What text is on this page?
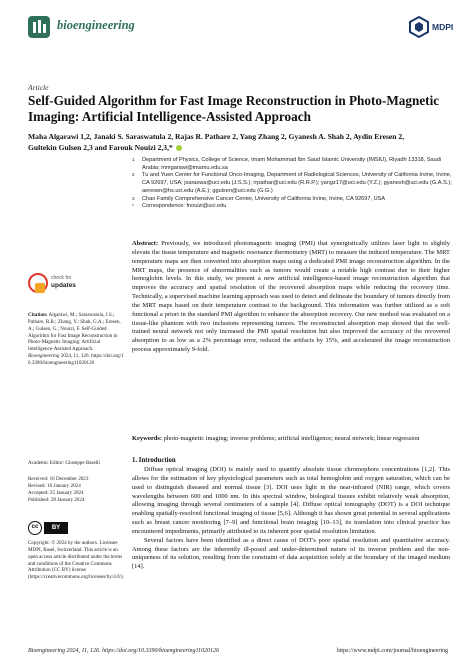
bioengineering	MDPI
Article
Self-Guided Algorithm for Fast Image Reconstruction in Photo-Magnetic Imaging: Artificial Intelligence-Assisted Approach
Maha Algarawi 1,2, Janaki S. Saraswatula 2, Rajas R. Pathare 2, Yang Zhang 2, Gyanesh A. Shah 2, Aydin Eresen 2,
Gultekin Gulsen 2,3 and Farouk Nouizi 2,3,*
1 Department of Physics, College of Science, Imam Mohammad Ibn Saud Islamic University (IMSIU), Riyadh 13318, Saudi Arabia; mmgarawi@imamu.edu.sa
2 Tu and Yuen Center for Functional Onco-Imaging, Department of Radiological Sciences, University of California Irvine, Irvine, CA 92697, USA; jsaraswa@uci.edu (J.S.S.); rrpathar@uci.edu (R.R.P.); yangz17@uci.edu (Y.Z.); gyanesh@uci.edu (G.A.S.); aeresen@hs.uci.edu (A.E.); ggulsen@uci.edu (G.G.)
3 Chao Family Comprehensive Cancer Center, University of California Irvine, Irvine, CA 92697, USA
* Correspondence: fnouizi@uci.edu
Abstract: Previously, we introduced photomagnetic imaging (PMI) that synergistically utilizes laser light to slightly elevate the tissue temperature and magnetic resonance thermometry (MRT) to measure the induced temperature. The MRT temperature maps are then converted into absorption maps using a dedicated PMI image reconstruction algorithm. In the MRT maps, the presence of abnormalities such as tumors would create a notable high contrast due to their higher hemoglobin levels. In this study, we present a new artificial intelligence-based image reconstruction algorithm that improves the accuracy and spatial resolution of the recovered absorption maps while reducing the recovery time. Technically, a supervised machine learning approach was used to detect and delineate the boundary of tumors directly from the MRT maps based on their temperature contrast to the background. This information was further utilized as a soft functional a priori in the standard PMI algorithm to enhance the absorption recovery. Our new method was evaluated on a tissue-like phantom with two inclusions representing tumors. The reconstructed absorption map showed that the well-trained neural network not only increased the PMI spatial resolution but also improved the accuracy of the recovered absorption to as low as a 2% percentage error, reduced the artifacts by 15%, and accelerated the image reconstruction process approximately 9-fold.
Keywords: photo-magnetic imaging; inverse problems; artificial intelligence; neural network; linear regression
check for
updates
Citation: Algarawi, M.; Saraswatula, J.S.; Pathare, R.R.; Zhang, Y.; Shah, G.A.; Eresen, A.; Gulsen, G.; Nouizi, F. Self-Guided Algorithm for Fast Image Reconstruction in Photo-Magnetic Imaging: Artificial Intelligence-Assisted Approach. Bioengineering 2024, 11, 126. https://doi.org/10.3390/bioengineering11020126
Academic Editor: Giuseppe Baselli
Received: 16 December 2023
Revised: 16 January 2024
Accepted: 25 January 2024
Published: 28 January 2024
cc	BY
Copyright: © 2024 by the authors. Licensee MDPI, Basel, Switzerland. This article is an open access article distributed under the terms and conditions of the Creative Commons Attribution (CC BY) license (https://creativecommons.org/licenses/by/4.0/).
1. Introduction

Diffuse optical imaging (DOI) is mainly used to quantify absolute tissue chromophore concentrations [1,2]. This allows for the estimation of key physiological parameters such as total hemoglobin and oxygen saturation, which can be used to distinguish diseased and normal tissue [3]. DOI uses light in the near-infrared (NIR) range, which covers wavelengths between 600 and 1000 nm. In this spectral window, biological tissues exhibit relatively weak absorption, allowing imaging through several centimeters of a sample [4]. Diffuse optical tomography (DOT) is a DOI technique enabling spatially-resolved functional imaging of tissue [5,6]. Although it has shown great potential in several applications such as breast cancer monitoring [7–9] and functional brain imaging [10–13], its translation into clinical practice has encountered impediments, primarily attributed to its inherent poor spatial resolution limitation.

Several factors have been identified as a direct cause of DOT's poor spatial resolution and quantitative accuracy. Among these factors are the inherently ill-posed and under-determined nature of its inverse problem and the non-uniqueness of its solution, resulting from the constraint of data acquisition solely at the boundary of the imaged medium [14].

Bioengineering 2024, 11, 126. https://doi.org/10.3390/bioengineering11020126	https://www.mdpi.com/journal/bioengineering
